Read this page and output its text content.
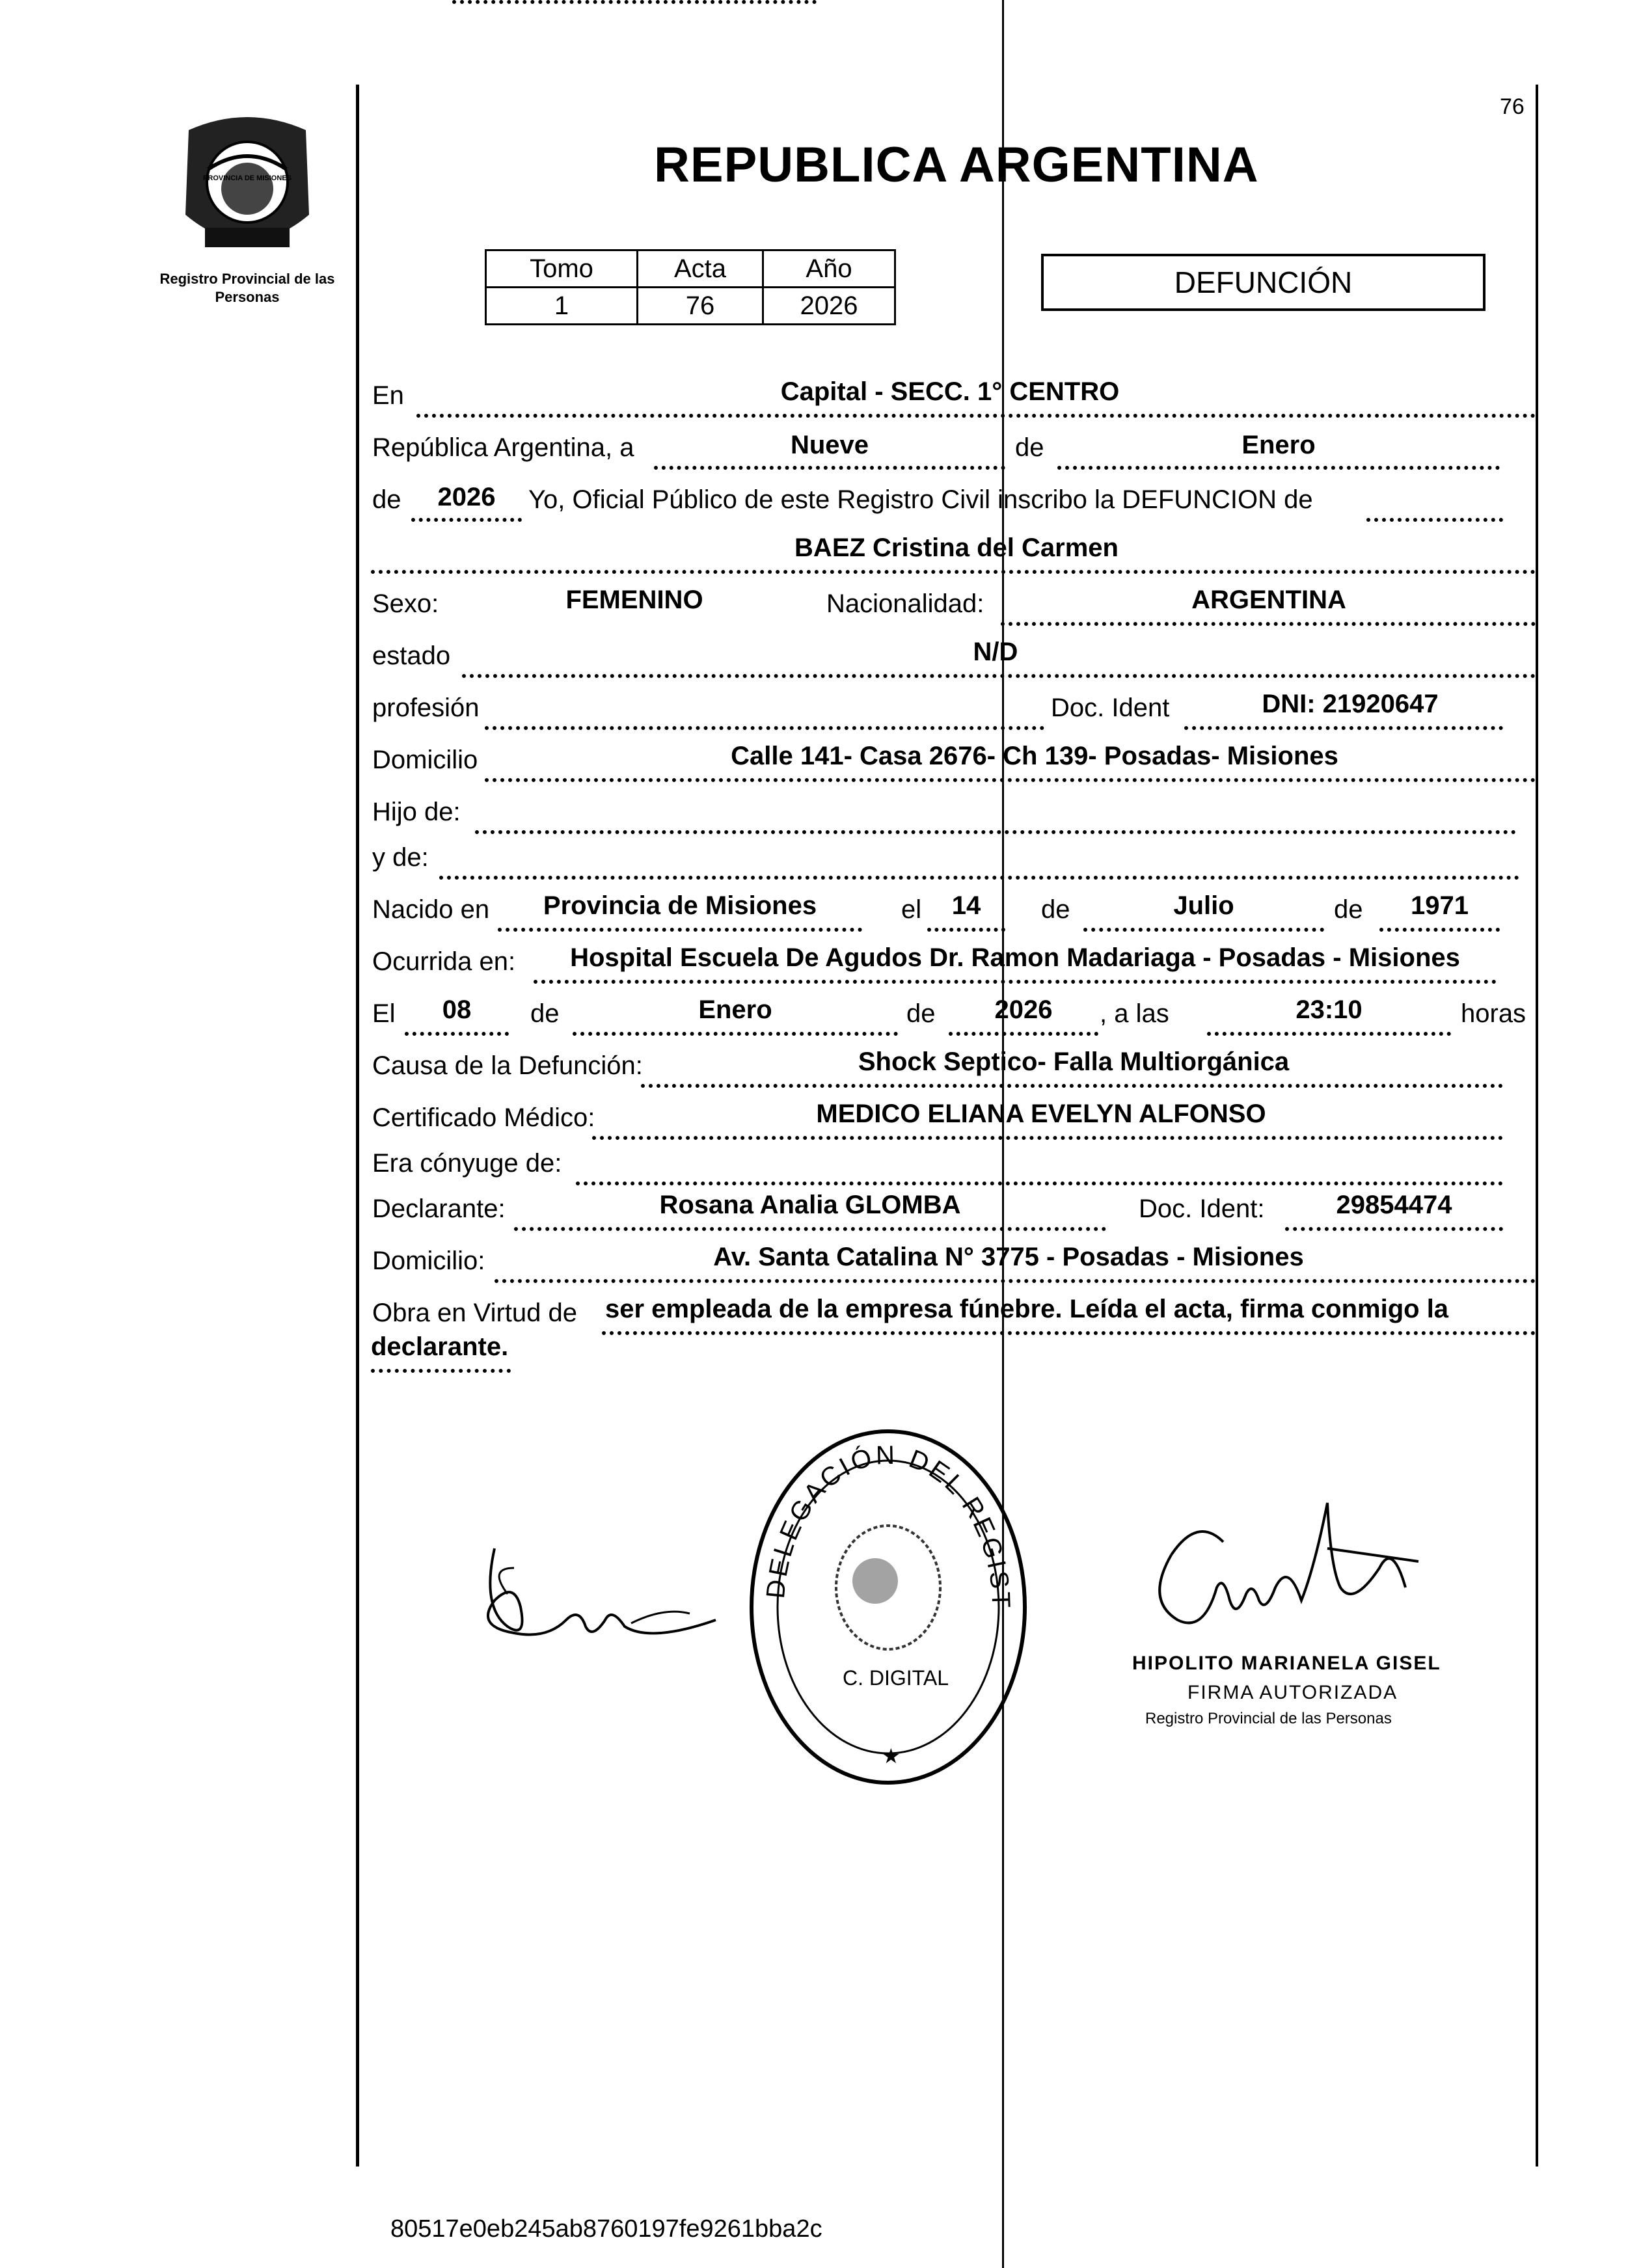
76
PROVINCIA DE MISIONES
Registro Provincial de las Personas
REPUBLICA ARGENTINA
Tomo	Acta	Año
1	76	2026
DEFUNCIÓN
En	Capital - SECC. 1° CENTRO
República Argentina, a	Nueve	de	Enero
de	2026	Yo, Oficial Público de este Registro Civil inscribo la DEFUNCION de
BAEZ Cristina del Carmen
Sexo:	FEMENINO	Nacionalidad:	ARGENTINA
estado	N/D
profesión	Doc. Ident	DNI: 21920647
Domicilio	Calle 141- Casa 2676- Ch 139- Posadas- Misiones
Hijo de:
y de:
Nacido en	Provincia de Misiones	el	14	de	Julio	de	1971
Ocurrida en:	Hospital Escuela De Agudos Dr. Ramon Madariaga - Posadas - Misiones
El	08	de	Enero	de	2026	, a las	23:10	horas
Causa de la Defunción:	Shock Septico- Falla Multiorgánica
Certificado Médico:	MEDICO ELIANA EVELYN ALFONSO
Era cónyuge de:
Declarante:	Rosana Analia GLOMBA	Doc. Ident:	29854474
Domicilio:	Av. Santa Catalina N° 3775 - Posadas - Misiones
Obra en Virtud de ser empleada de la empresa fúnebre. Leída el acta, firma conmigo la
declarante.
DELEGACIÓN DEL REGIST
C. DIGITAL
★
HIPOLITO MARIANELA GISEL
FIRMA AUTORIZADA
Registro Provincial de las Personas
80517e0eb245ab8760197fe9261bba2c
